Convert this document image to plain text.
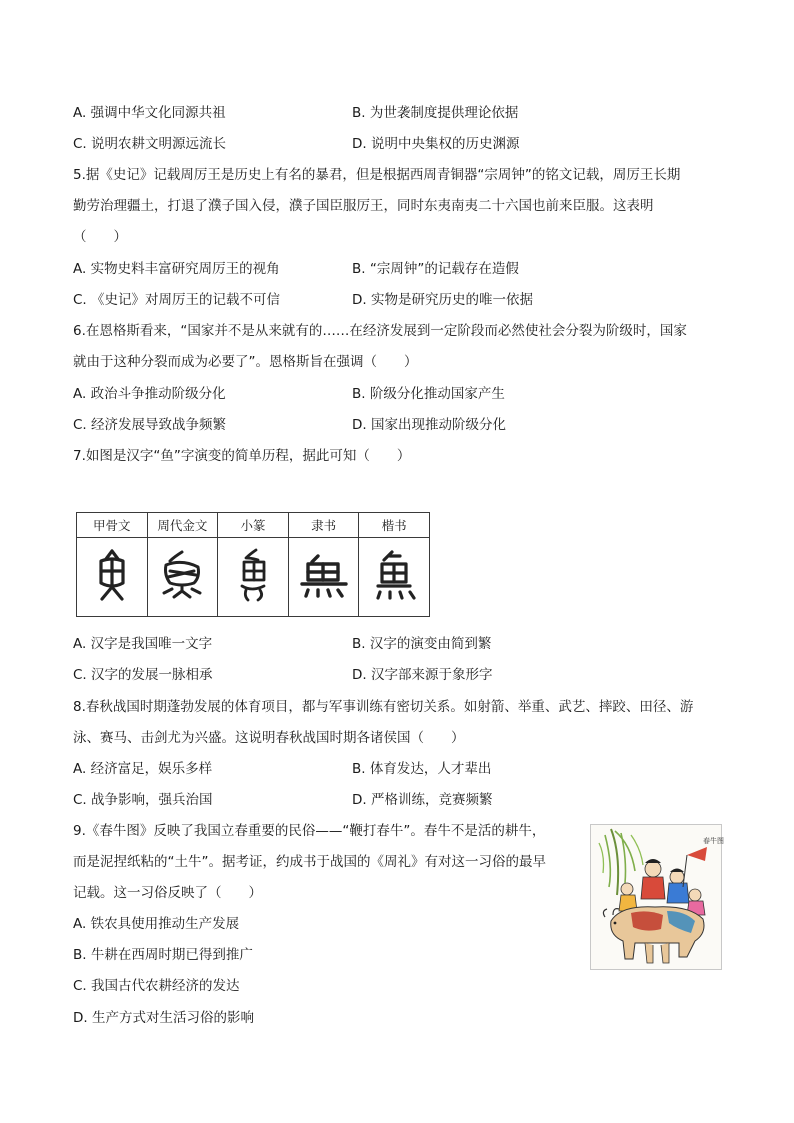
A. 强调中华文化同源共祖	B. 为世袭制度提供理论依据
C. 说明农耕文明源远流长	D. 说明中央集权的历史渊源
5.据《史记》记载周厉王是历史上有名的暴君，但是根据西周青铜器“宗周钟”的铭文记载，周厉王长期
勤劳治理疆土，打退了濮子国入侵，濮子国臣服厉王，同时东夷南夷二十六国也前来臣服。这表明
（　　）
A. 实物史料丰富研究周厉王的视角	B. “宗周钟”的记载存在造假
C. 《史记》对周厉王的记载不可信	D. 实物是研究历史的唯一依据
6.在恩格斯看来，“国家并不是从来就有的……在经济发展到一定阶段而必然使社会分裂为阶级时，国家
就由于这种分裂而成为必要了”。恩格斯旨在强调（　　）
A. 政治斗争推动阶级分化	B. 阶级分化推动国家产生
C. 经济发展导致战争频繁	D. 国家出现推动阶级分化
7.如图是汉字“鱼”字演变的简单历程，据此可知（　　）
甲骨文	周代金文	小篆	隶书	楷书

A. 汉字是我国唯一文字	B. 汉字的演变由简到繁
C. 汉字的发展一脉相承	D. 汉字部来源于象形字
8.春秋战国时期蓬勃发展的体育项目，都与军事训练有密切关系。如射箭、举重、武艺、摔跤、田径、游
泳、赛马、击剑尤为兴盛。这说明春秋战国时期各诸侯国（　　）
A. 经济富足，娱乐多样	B. 体育发达，人才辈出
C. 战争影响，强兵治国	D. 严格训练，竞赛频繁
9.《春牛图》反映了我国立春重要的民俗——“鞭打春牛”。春牛不是活的耕牛，
而是泥捏纸粘的“土牛”。据考证，约成书于战国的《周礼》有对这一习俗的最早
记载。这一习俗反映了（　　）
A. 铁农具使用推动生产发展
B. 牛耕在西周时期已得到推广
C. 我国古代农耕经济的发达
D. 生产方式对生活习俗的影响
春牛图
